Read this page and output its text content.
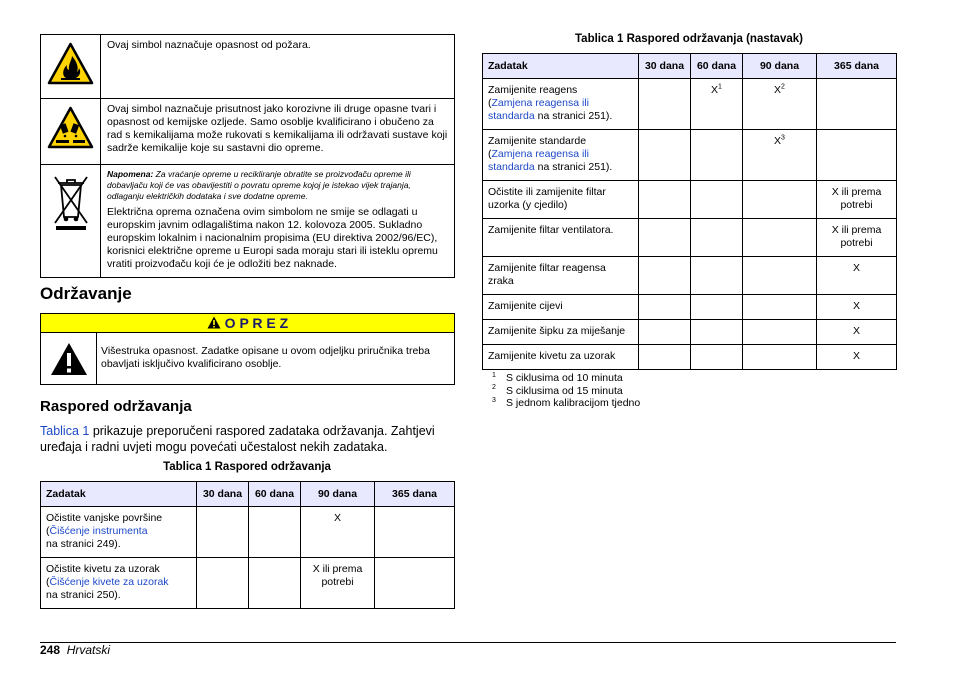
	Ovaj simbol naznačuje opasnost od požara.
	Ovaj simbol naznačuje prisutnost jako korozivne ili druge opasne tvari i opasnost od kemijske ozljede. Samo osoblje kvalificirano i obučeno za rad s kemikalijama može rukovati s kemikalijama ili održavati sustave koji sadrže kemikalije koje su sastavni dio opreme.

Napomena: Za vraćanje opreme u recikliranje obratite se proizvođaču opreme ili dobavljaču koji će vas obavijestiti o povratu opreme kojoj je istekao vijek trajanja, odlaganju električkih dodataka i sve dodatne opreme.
Električna oprema označena ovim simbolom ne smije se odlagati u europskim javnim odlagalištima nakon 12. kolovoza 2005. Sukladno europskim lokalnim i nacionalnim propisima (EU direktiva 2002/96/EC), korisnici električne opreme u Europi sada moraju stari ili isteklu opremu vratiti proizvođaču koji će je odložiti bez naknade.
Održavanje
O P R E Z
Višestruka opasnost. Zadatke opisane u ovom odjeljku priručnika treba obavljati isključivo kvalificirano osoblje.
Raspored održavanja
Tablica 1 prikazuje preporučeni raspored zadataka održavanja. Zahtjevi uređaja i radni uvjeti mogu povećati učestalost nekih zadataka.
Tablica 1 Raspored održavanja
Zadatak	30 dana	60 dana	90 dana	365 dana
Očistite vanjske površine
(Čišćenje instrumenta
na stranici 249).			X	
Očistite kivetu za uzorak
(Čišćenje kivete za uzorak
na stranici 250).			X ili prema potrebi	
Tablica 1 Raspored održavanja (nastavak)
Zadatak	30 dana	60 dana	90 dana	365 dana
Zamijenite reagens
(Zamjena reagensa ili standarda na stranici 251).		$X^1$	$X^2$	
Zamijenite standarde
(Zamjena reagensa ili standarda na stranici 251).			$X^3$	
Očistite ili zamijenite filtar uzorka (y cjedilo)				X ili prema potrebi
Zamijenite filtar ventilatora.				X ili prema potrebi
Zamijenite filtar reagensa zraka				X
Zamijenite cijevi				X
Zamijenite šipku za miješanje				X
Zamijenite kivetu za uzorak				X
$^1$ S ciklusima od 10 minuta
$^2$ S ciklusima od 15 minuta
$^3$ S jednom kalibracijom tjedno
248 Hrvatski
